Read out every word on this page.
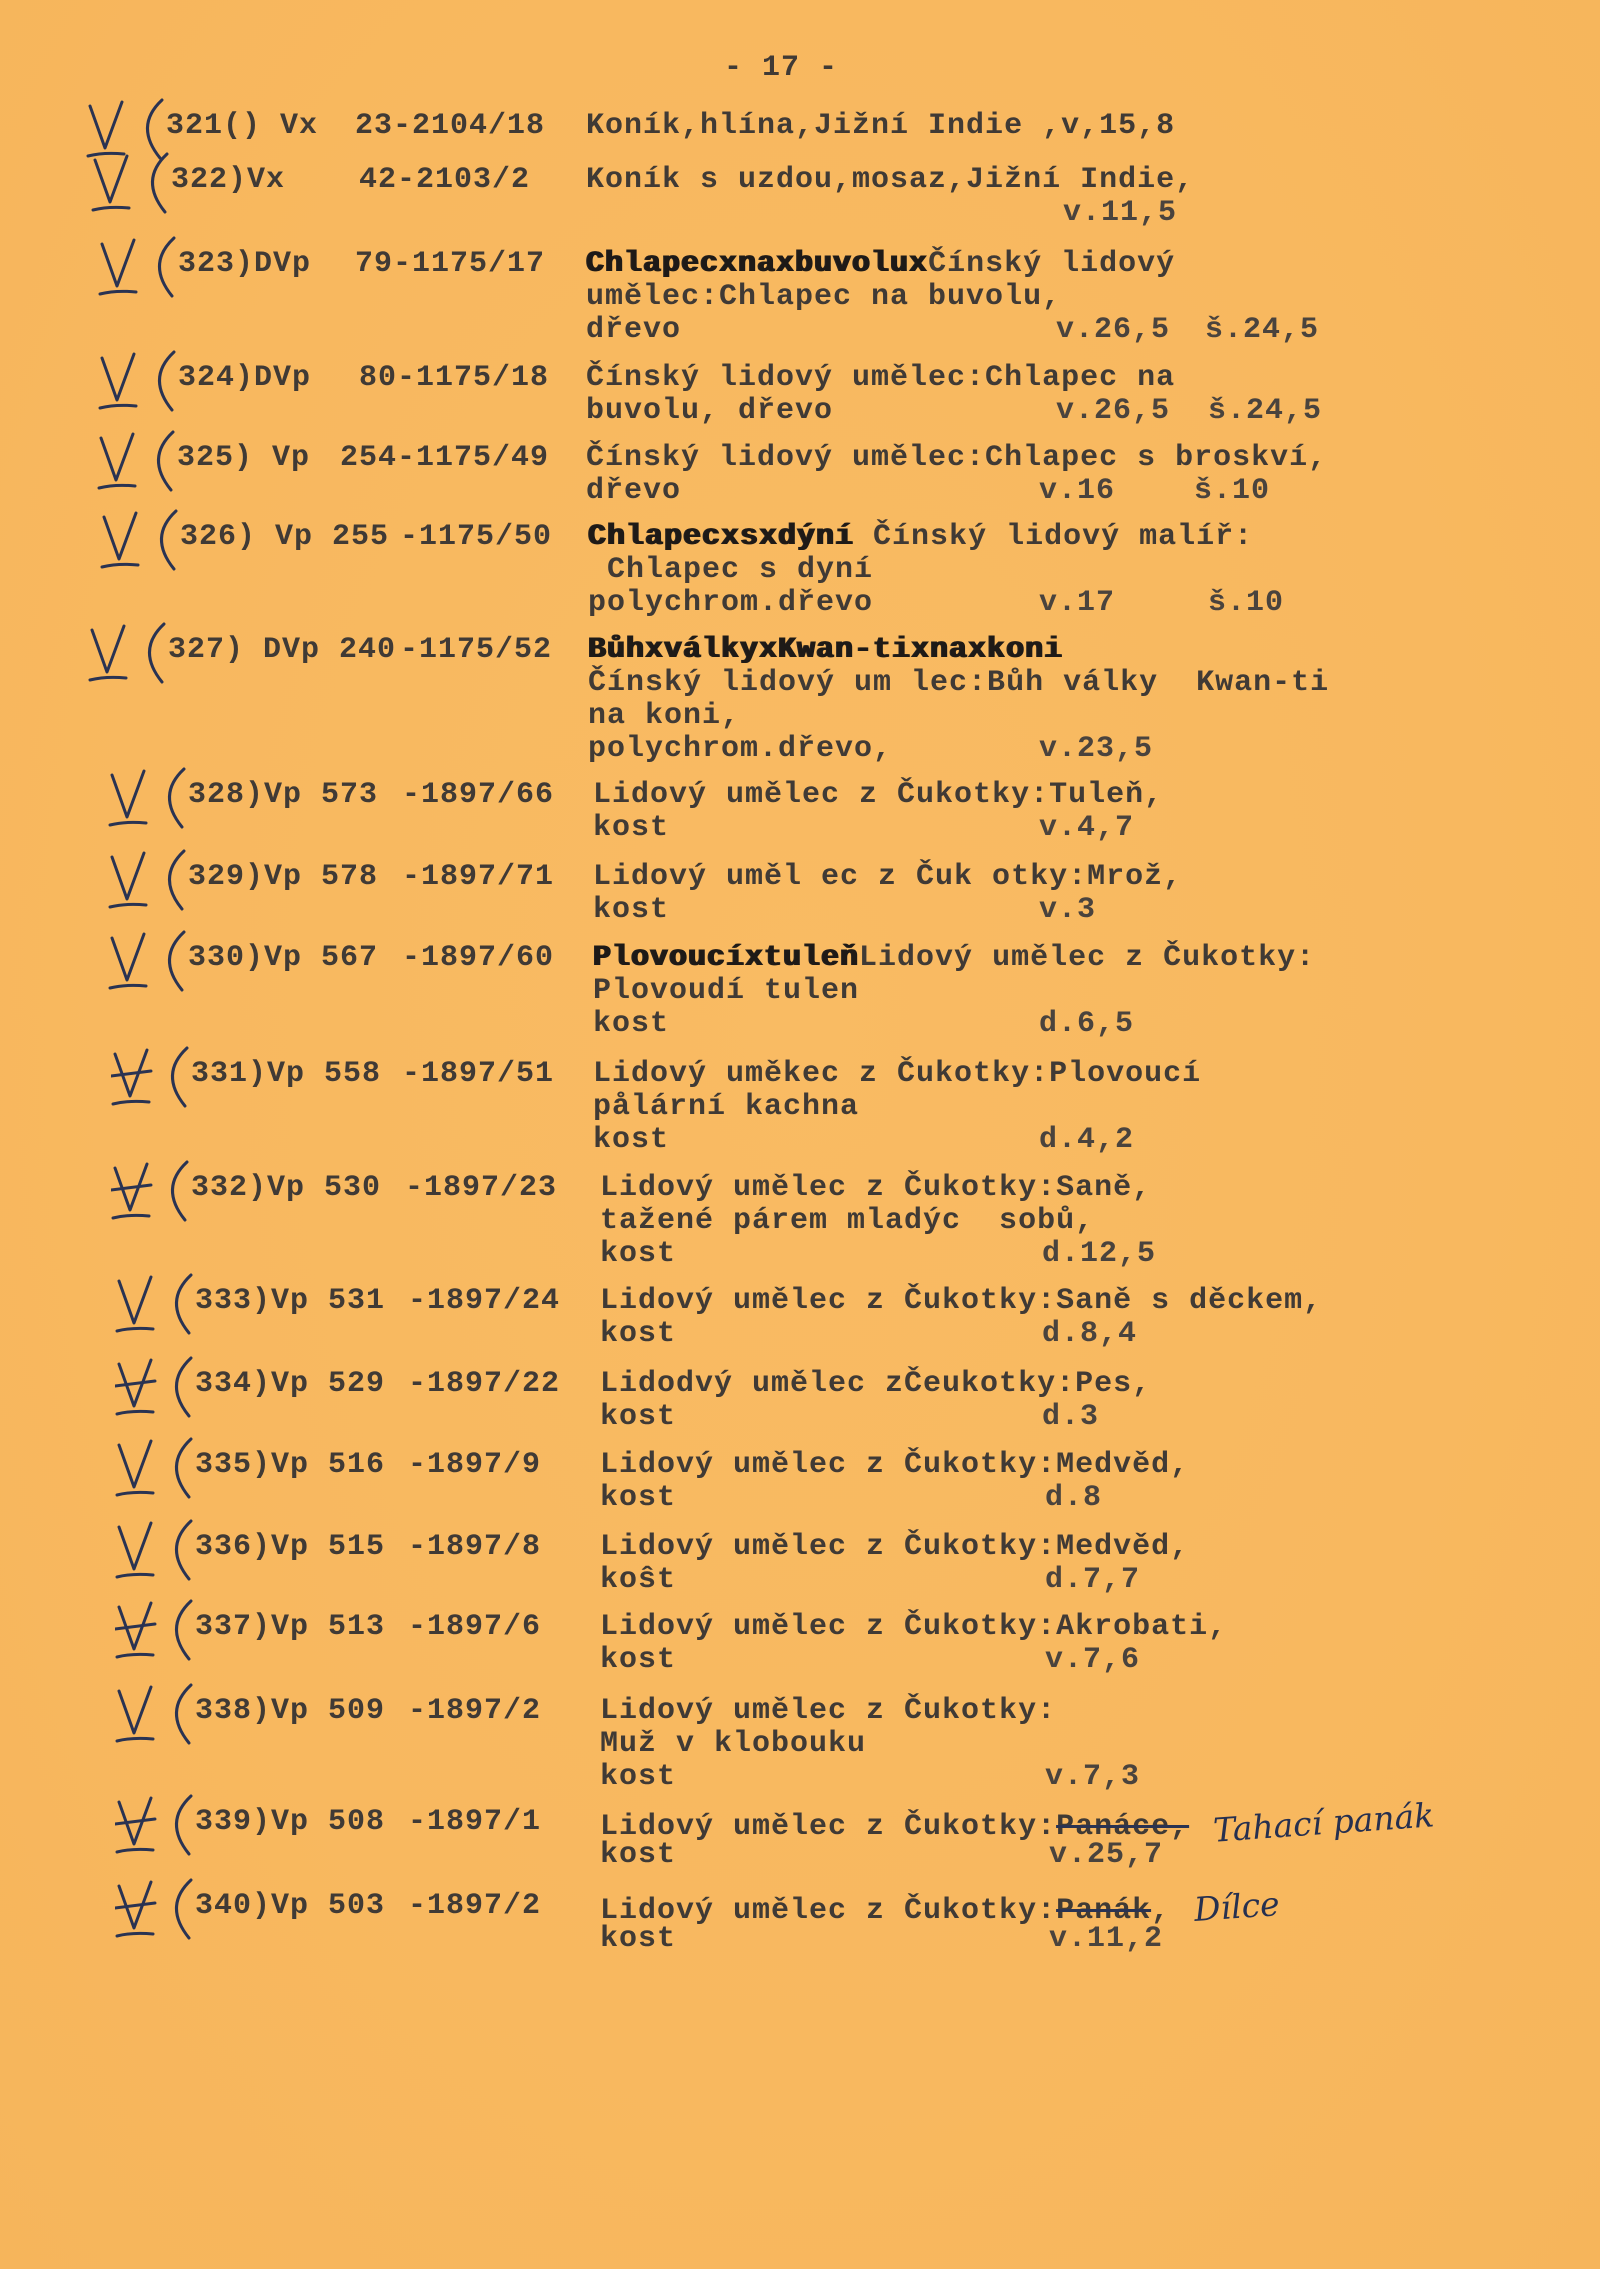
- 17 -
321() Vx 23-2104/18 Koník,hlína,Jižní Indie ,v,15,8
322)Vx 42-2103/2 Koník s uzdou,mosaz,Jižní Indie,
v.11,5
323)DVp 79-1175/17 ChlapecxnaxbuvoluxČínský lidový
umělec:Chlapec na buvolu,
dřevo	v.26,5 š.24,5
324)DVp 80-1175/18 Čínský lidový umělec:Chlapec na
buvolu, dřevo	v.26,5 š.24,5
325) Vp 254-1175/49 Čínský lidový umělec:Chlapec s broskví,
dřevo	v.16	š.10
326) Vp 255 -1175/50 Chlapecxsxdýní Čínský lidový malíř:
Chlapec s dyní
polychrom.dřevo	v.17	š.10
327) DVp 240 -1175/52 BůhxválkyxKwan-tixnaxkoni
Čínský lidový um lec:Bůh války  Kwan-ti
na koni,
polychrom.dřevo,	v.23,5
328)Vp 573 -1897/66 Lidový umělec z Čukotky:Tuleň,
kost	v.4,7
329)Vp 578 -1897/71 Lidový uměl ec z Čuk otky:Mrož,
kost	v.3
330)Vp 567 -1897/60 PlovoucíxtuleňLidový umělec z Čukotky:
Plovoudí tulen
kost	d.6,5
331)Vp 558 -1897/51 Lidový uměkec z Čukotky:Plovoucí
pålární kachna
kost	d.4,2
332)Vp 530 -1897/23 Lidový umělec z Čukotky:Saně,
tažené párem mladýc  sobů,
kost	d.12,5
333)Vp 531 -1897/24 Lidový umělec z Čukotky:Saně s děckem,
kost	d.8,4
334)Vp 529 -1897/22 Lidodvý umělec zČeukotky:Pes,
kost	d.3
335)Vp 516 -1897/9 Lidový umělec z Čukotky:Medvěd,
kost	d.8
336)Vp 515 -1897/8 Lidový umělec z Čukotky:Medvěd,
koŝt	d.7,7
337)Vp 513 -1897/6 Lidový umělec z Čukotky:Akrobati,
kost	v.7,6
338)Vp 509 -1897/2 Lidový umělec z Čukotky:
Muž v klobouku
kost	v.7,3
339)Vp 508 -1897/1 Lidový umělec z Čukotky:Panáce, Tahací panák
kost	v.25,7
340)Vp 503 -1897/2 Lidový umělec z Čukotky:Panák, Dílce
kost	v.11,2
